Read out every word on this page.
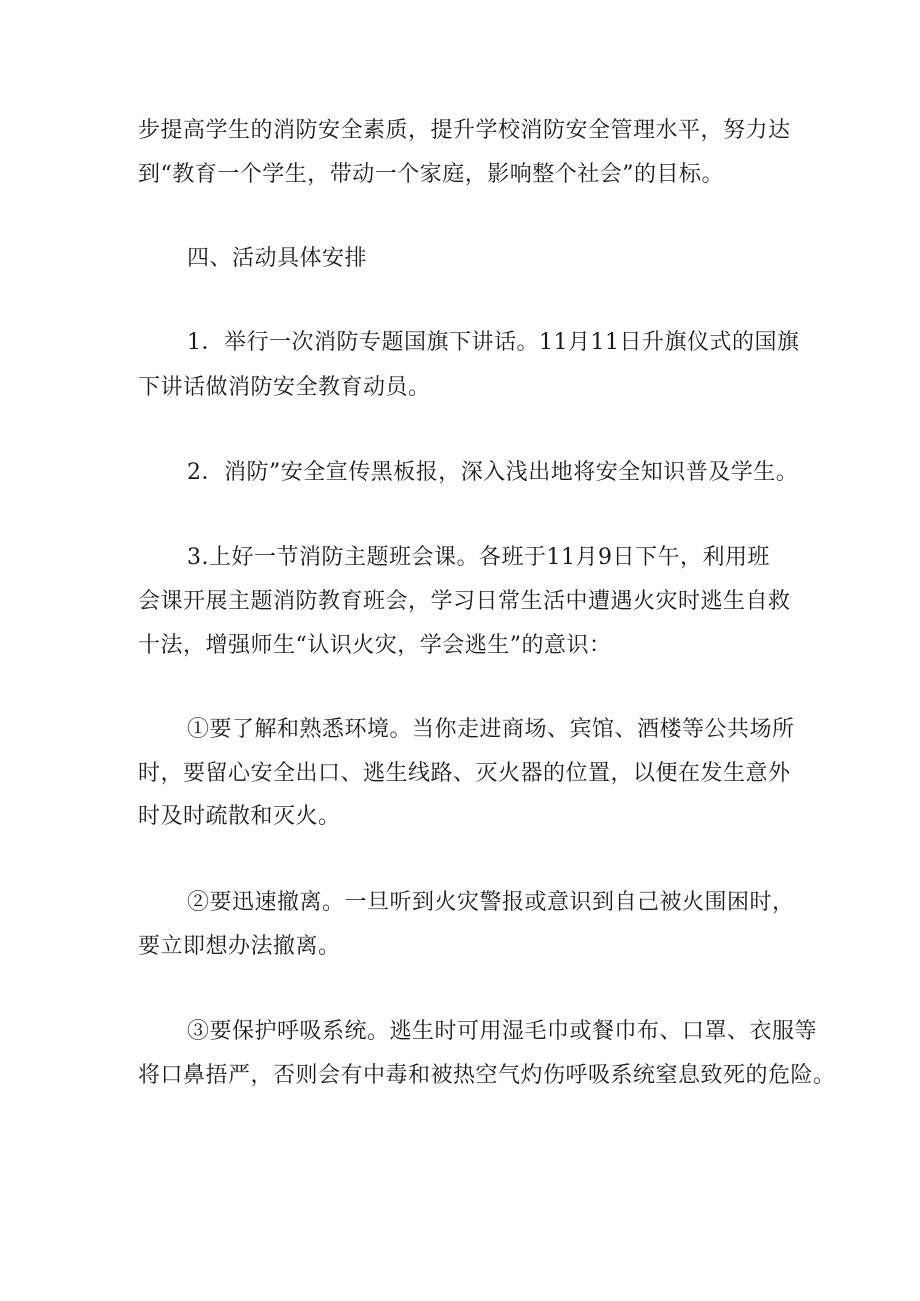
步提高学生的消防安全素质，提升学校消防安全管理水平，努力达
到“教育一个学生，带动一个家庭，影响整个社会”的目标。
四、活动具体安排
1．举行一次消防专题国旗下讲话。11月11日升旗仪式的国旗
下讲话做消防安全教育动员。
2．消防”安全宣传黑板报，深入浅出地将安全知识普及学生。
3.上好一节消防主题班会课。各班于11月9日下午，利用班
会课开展主题消防教育班会，学习日常生活中遭遇火灾时逃生自救
十法，增强师生“认识火灾，学会逃生”的意识：
①要了解和熟悉环境。当你走进商场、宾馆、酒楼等公共场所
时，要留心安全出口、逃生线路、灭火器的位置，以便在发生意外
时及时疏散和灭火。
②要迅速撤离。一旦听到火灾警报或意识到自己被火围困时，
要立即想办法撤离。
③要保护呼吸系统。逃生时可用湿毛巾或餐巾布、口罩、衣服等
将口鼻捂严，否则会有中毒和被热空气灼伤呼吸系统窒息致死的危险。
